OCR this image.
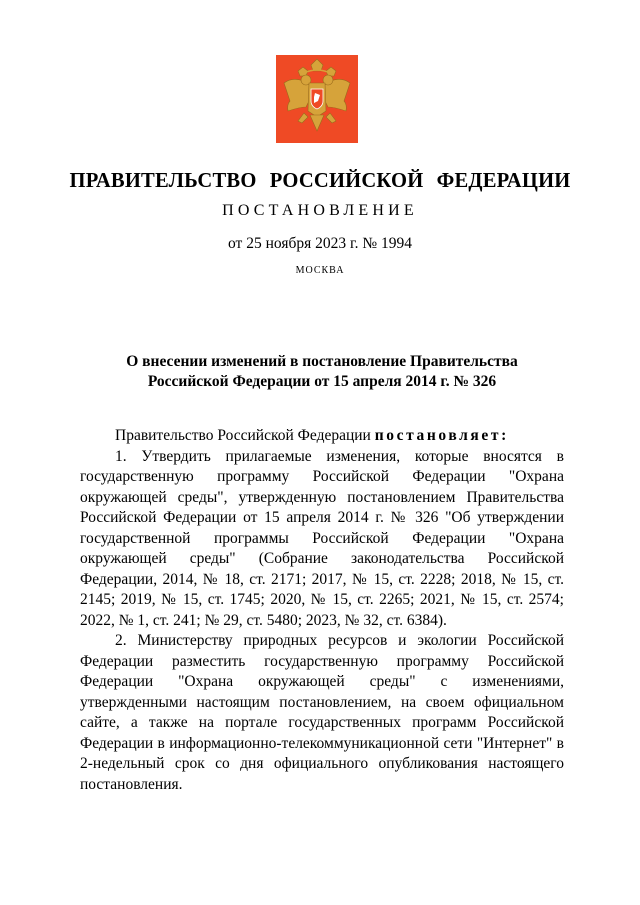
ПРАВИТЕЛЬСТВО РОССИЙСКОЙ ФЕДЕРАЦИИ
ПОСТАНОВЛЕНИЕ
от 25 ноября 2023 г. № 1994
МОСКВА
О внесении изменений в постановление Правительства
Российской Федерации от 15 апреля 2014 г. № 326

Правительство Российской Федерации постановляет:

1. Утвердить прилагаемые изменения, которые вносятся в государственную программу Российской Федерации "Охрана окружающей среды", утвержденную постановлением Правительства Российской Федерации от 15 апреля 2014 г. № 326 "Об утверждении государственной программы Российской Федерации "Охрана окружающей среды" (Собрание законодательства Российской Федерации, 2014, № 18, ст. 2171; 2017, № 15, ст. 2228; 2018, № 15, ст. 2145; 2019, № 15, ст. 1745; 2020, № 15, ст. 2265; 2021, № 15, ст. 2574; 2022, № 1, ст. 241; № 29, ст. 5480; 2023, № 32, ст. 6384).

2. Министерству природных ресурсов и экологии Российской Федерации разместить государственную программу Российской Федерации "Охрана окружающей среды" с изменениями, утвержденными настоящим постановлением, на своем официальном сайте, а также на портале государственных программ Российской Федерации в информационно-телекоммуникационной сети "Интернет" в 2-недельный срок со дня официального опубликования настоящего постановления.
